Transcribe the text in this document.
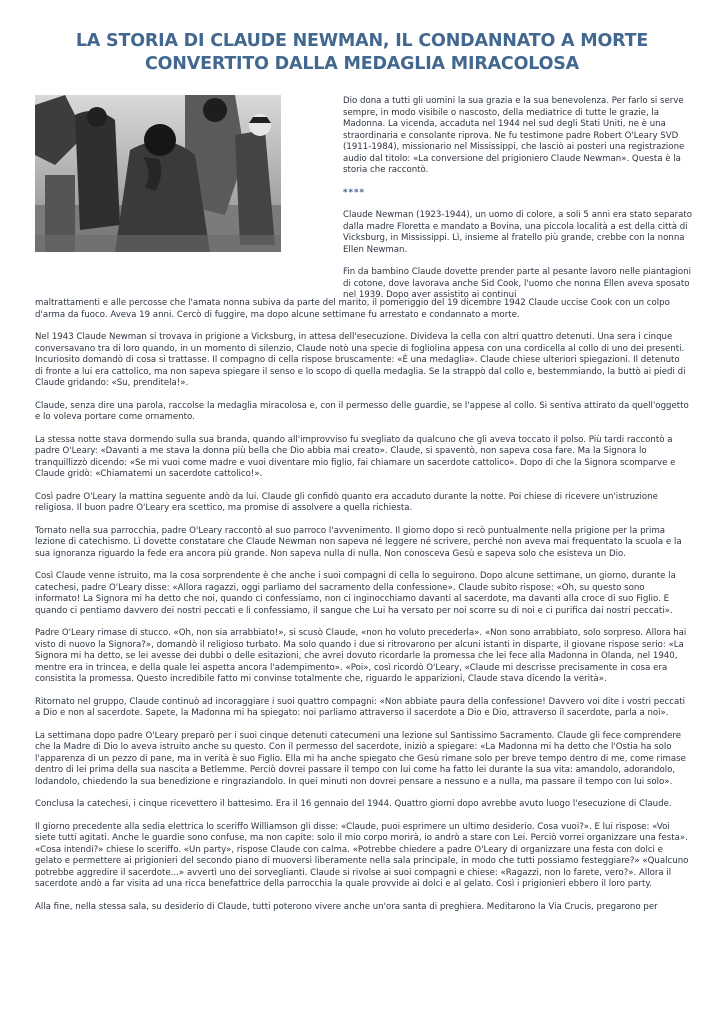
LA STORIA DI CLAUDE NEWMAN, IL CONDANNATO A MORTE
CONVERTITO DALLA MEDAGLIA MIRACOLOSA

Dio dona a tutti gli uomini la sua grazia e la sua benevolenza. Per farlo si serve sempre, in modo visibile o nascosto, della mediatrice di tutte le grazie, la Madonna. La vicenda, accaduta nel 1944 nel sud degli Stati Uniti, ne è una straordinaria e consolante riprova. Ne fu testimone padre Robert O'Leary SVD (1911-1984), missionario nel Mississippi, che lasciò ai posteri una registrazione audio dal titolo: «La conversione del prigioniero Claude Newman». Questa è la storia che raccontò.

****

Claude Newman (1923-1944), un uomo di colore, a soli 5 anni era stato separato dalla madre Floretta e mandato a Bovina, una piccola località a est della città di Vicksburg, in Mississippi. Lì, insieme al fratello più grande, crebbe con la nonna Ellen Newman.

Fin da bambino Claude dovette prender parte al pesante lavoro nelle piantagioni di cotone, dove lavorava anche Sid Cook, l'uomo che nonna Ellen aveva sposato nel 1939. Dopo aver assistito ai continui

maltrattamenti e alle percosse che l'amata nonna subiva da parte del marito, il pomeriggio del 19 dicembre 1942 Claude uccise Cook con un colpo d'arma da fuoco. Aveva 19 anni. Cercò di fuggire, ma dopo alcune settimane fu arrestato e condannato a morte.

Nel 1943 Claude Newman si trovava in prigione a Vicksburg, in attesa dell'esecuzione. Divideva la cella con altri quattro detenuti. Una sera i cinque conversavano tra di loro quando, in un momento di silenzio, Claude notò una specie di fogliolina appesa con una cordicella al collo di uno dei presenti. Incuriosito domandò di cosa si trattasse. Il compagno di cella rispose bruscamente: «È una medaglia». Claude chiese ulteriori spiegazioni. Il detenuto di fronte a lui era cattolico, ma non sapeva spiegare il senso e lo scopo di quella medaglia. Se la strappò dal collo e, bestemmiando, la buttò ai piedi di Claude gridando: «Su, prenditela!».

Claude, senza dire una parola, raccolse la medaglia miracolosa e, con il permesso delle guardie, se l'appese al collo. Si sentiva attirato da quell'oggetto e lo voleva portare come ornamento.

La stessa notte stava dormendo sulla sua branda, quando all'improvviso fu svegliato da qualcuno che gli aveva toccato il polso. Più tardi raccontò a padre O'Leary: «Davanti a me stava la donna più bella che Dio abbia mai creato». Claude, si spaventò, non sapeva cosa fare. Ma la Signora lo tranquillizzò dicendo: «Se mi vuoi come madre e vuoi diventare mio figlio, fai chiamare un sacerdote cattolico». Dopo di che la Signora scomparve e Claude gridò: «Chiamatemi un sacerdote cattolico!».

Così padre O'Leary la mattina seguente andò da lui. Claude gli confidò quanto era accaduto durante la notte. Poi chiese di ricevere un'istruzione religiosa. Il buon padre O'Leary era scettico, ma promise di assolvere a quella richiesta.

Tornato nella sua parrocchia, padre O'Leary raccontò al suo parroco l'avvenimento. Il giorno dopo si recò puntualmente nella prigione per la prima lezione di catechismo. Lì dovette constatare che Claude Newman non sapeva né leggere né scrivere, perché non aveva mai frequentato la scuola e la sua ignoranza riguardo la fede era ancora più grande. Non sapeva nulla di nulla. Non conosceva Gesù e sapeva solo che esisteva un Dio.

Così Claude venne istruito, ma la cosa sorprendente è che anche i suoi compagni di cella lo seguirono. Dopo alcune settimane, un giorno, durante la catechesi, padre O'Leary disse: «Allora ragazzi, oggi parliamo del sacramento della confessione». Claude subito rispose: «Oh, su questo sono informato! La Signora mi ha detto che noi, quando ci confessiamo, non ci inginocchiamo davanti al sacerdote, ma davanti alla croce di suo Figlio. E quando ci pentiamo davvero dei nostri peccati e li confessiamo, il sangue che Lui ha versato per noi scorre su di noi e ci purifica dai nostri peccati».

Padre O'Leary rimase di stucco. «Oh, non sia arrabbiato!», si scusò Claude, «non ho voluto precederla». «Non sono arrabbiato, solo sorpreso. Allora hai visto di nuovo la Signora?», domandò il religioso turbato. Ma solo quando i due si ritrovarono per alcuni istanti in disparte, il giovane rispose serio: «La Signora mi ha detto, se lei avesse dei dubbi o delle esitazioni, che avrei dovuto ricordarle la promessa che lei fece alla Madonna in Olanda, nel 1940, mentre era in trincea, e della quale lei aspetta ancora l'adempimento». «Poi», così ricordò O'Leary, «Claude mi descrisse precisamente in cosa era consistita la promessa. Questo incredibile fatto mi convinse totalmente che, riguardo le apparizioni, Claude stava dicendo la verità».

Ritornato nel gruppo, Claude continuò ad incoraggiare i suoi quattro compagni: «Non abbiate paura della confessione! Davvero voi dite i vostri peccati a Dio e non al sacerdote. Sapete, la Madonna mi ha spiegato: noi parliamo attraverso il sacerdote a Dio e Dio, attraverso il sacerdote, parla a noi».

La settimana dopo padre O'Leary preparò per i suoi cinque detenuti catecumeni una lezione sul Santissimo Sacramento. Claude gli fece comprendere che la Madre di Dio lo aveva istruito anche su questo. Con il permesso del sacerdote, iniziò a spiegare: «La Madonna mi ha detto che l'Ostia ha solo l'apparenza di un pezzo di pane, ma in verità è suo Figlio. Ella mi ha anche spiegato che Gesù rimane solo per breve tempo dentro di me, come rimase dentro di lei prima della sua nascita a Betlemme. Perciò dovrei passare il tempo con lui come ha fatto lei durante la sua vita: amandolo, adorandolo, lodandolo, chiedendo la sua benedizione e ringraziandolo. In quei minuti non dovrei pensare a nessuno e a nulla, ma passare il tempo con lui solo».

Conclusa la catechesi, i cinque ricevettero il battesimo. Era il 16 gennaio del 1944. Quattro giorni dopo avrebbe avuto luogo l'esecuzione di Claude.

Il giorno precedente alla sedia elettrica lo sceriffo Williamson gli disse: «Claude, puoi esprimere un ultimo desiderio. Cosa vuoi?». E lui rispose: «Voi siete tutti agitati. Anche le guardie sono confuse, ma non capite: solo il mio corpo morirà, io andrò a stare con Lei. Perciò vorrei organizzare una festa». «Cosa intendi?» chiese lo sceriffo. «Un party», rispose Claude con calma. «Potrebbe chiedere a padre O'Leary di organizzare una festa con dolci e gelato e permettere ai prigionieri del secondo piano di muoversi liberamente nella sala principale, in modo che tutti possiamo festeggiare?» «Qualcuno potrebbe aggredire il sacerdote...» avvertì uno dei sorveglianti. Claude si rivolse ai suoi compagni e chiese: «Ragazzi, non lo farete, vero?». Allora il sacerdote andò a far visita ad una ricca benefattrice della parrocchia la quale provvide ai dolci e al gelato. Così i prigionieri ebbero il loro party.

Alla fine, nella stessa sala, su desiderio di Claude, tutti poterono vivere anche un'ora santa di preghiera. Meditarono la Via Crucis, pregarono per
